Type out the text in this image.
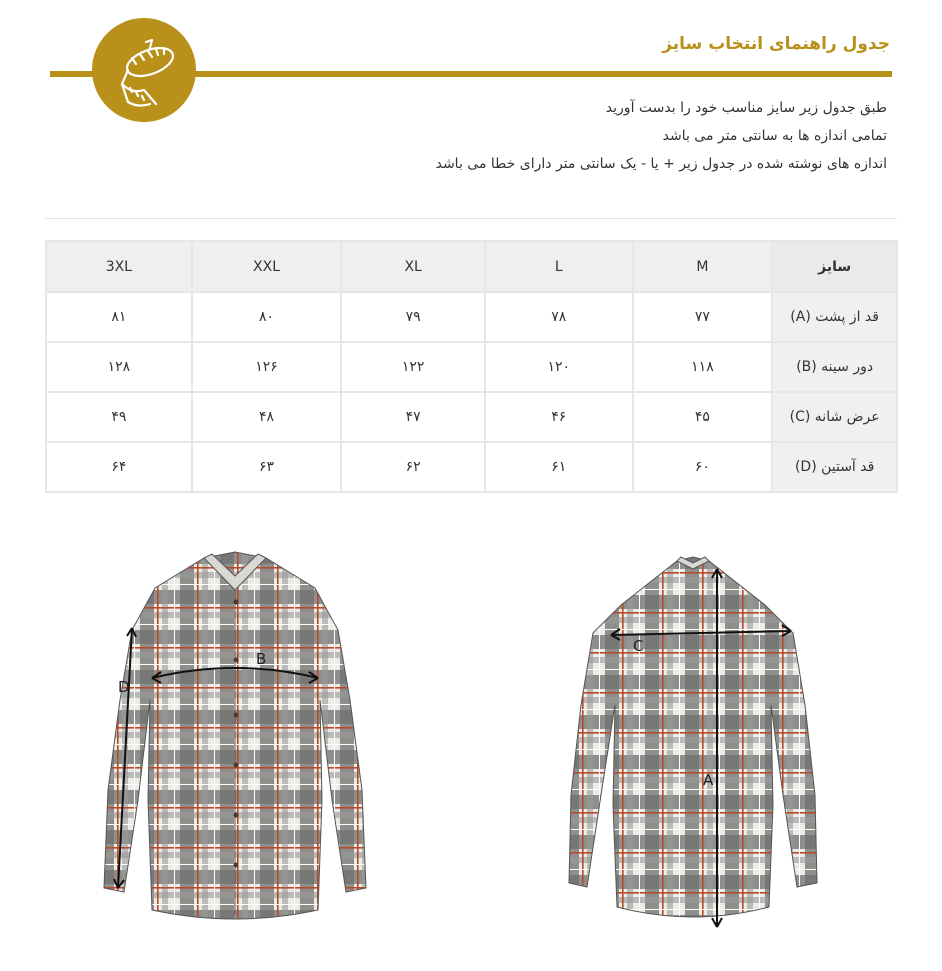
جدول راهنمای انتخاب سایز
طبق جدول زیر سایز مناسب خود را بدست آورید
تمامی اندازه ها به سانتی متر می باشد
اندازه های نوشته شده در جدول زیر + یا - یک سانتی متر دارای خطا می باشد
سایز	M	L	XL	XXL	3XL
قد از پشت (A)	۷۷	۷۸	۷۹	۸۰	۸۱
دور سینه (B)	۱۱۸	۱۲۰	۱۲۲	۱۲۶	۱۲۸
عرض شانه (C)	۴۵	۴۶	۴۷	۴۸	۴۹
قد آستین (D)	۶۰	۶۱	۶۲	۶۳	۶۴
B
D
C
A
